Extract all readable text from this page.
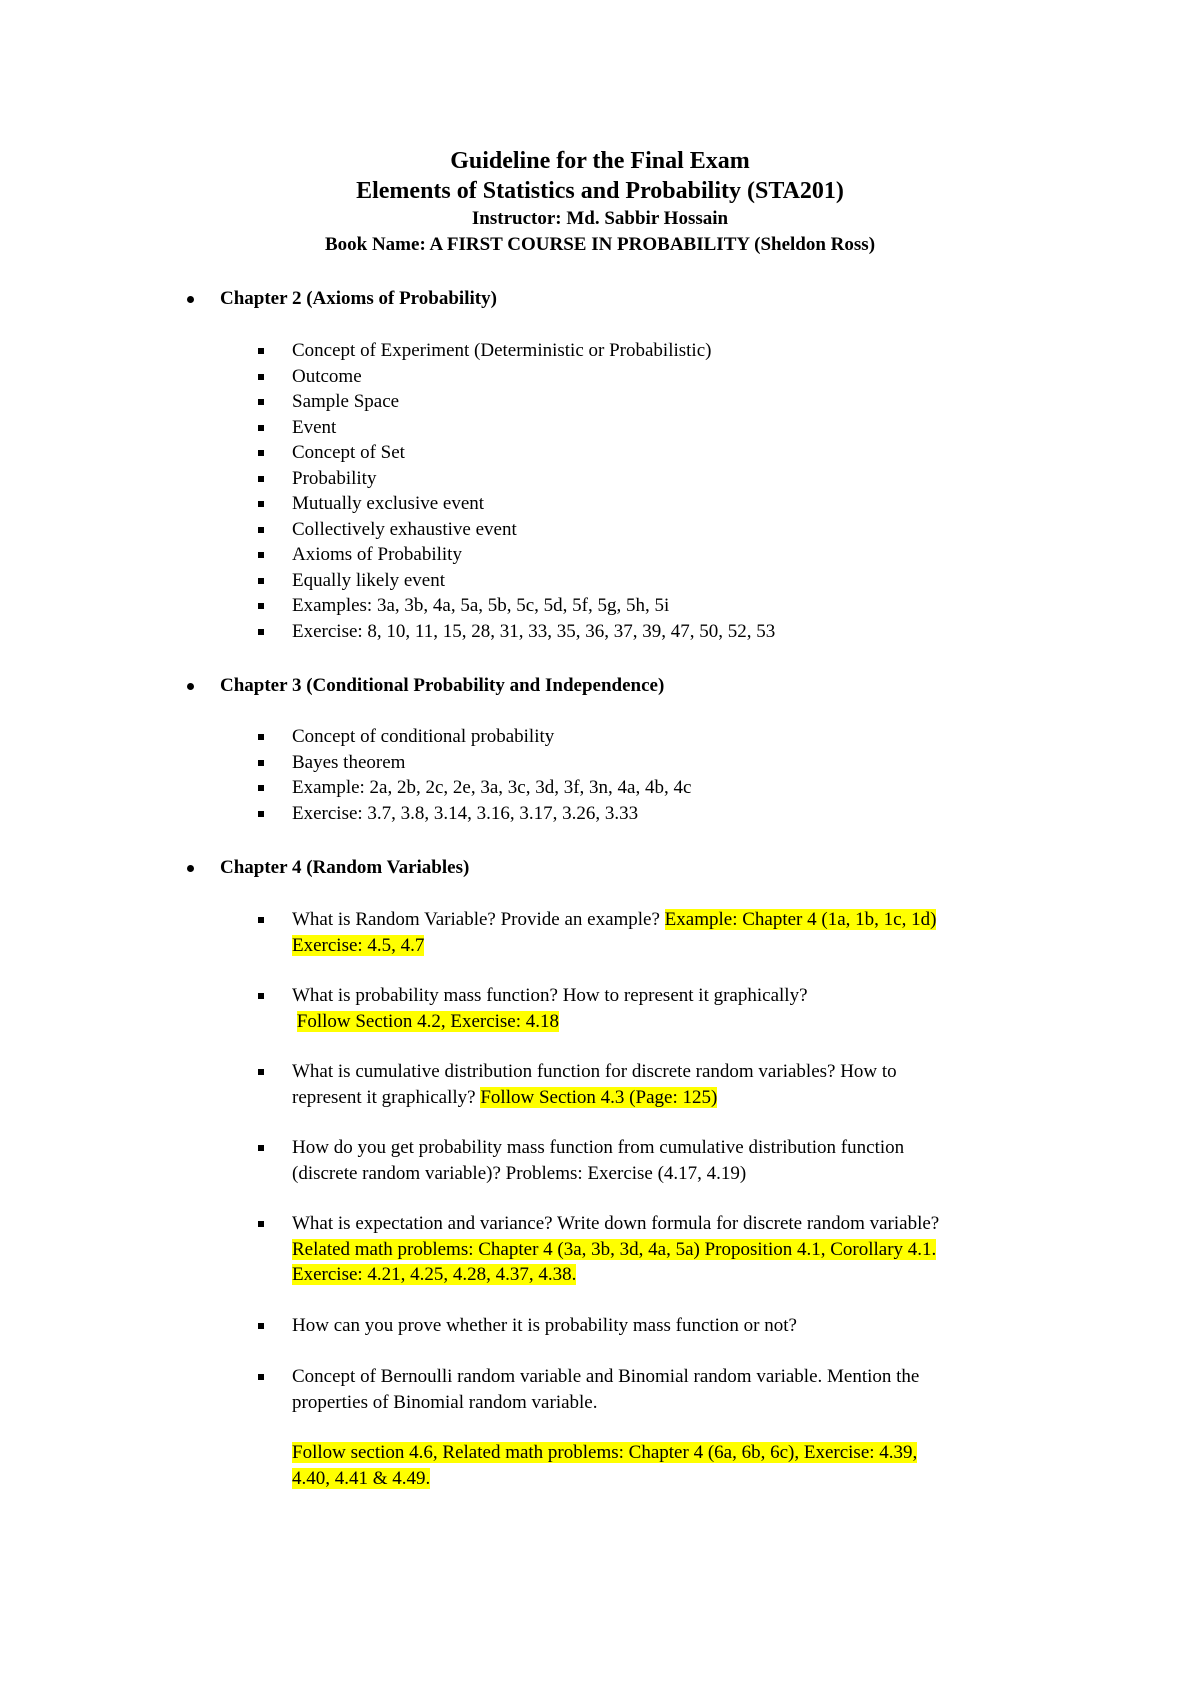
Guideline for the Final Exam
Elements of Statistics and Probability (STA201)
Instructor: Md. Sabbir Hossain
Book Name: A FIRST COURSE IN PROBABILITY (Sheldon Ross)
Chapter 2 (Axioms of Probability)
Concept of Experiment (Deterministic or Probabilistic)
Outcome
Sample Space
Event
Concept of Set
Probability
Mutually exclusive event
Collectively exhaustive event
Axioms of Probability
Equally likely event
Examples: 3a, 3b, 4a, 5a, 5b, 5c, 5d, 5f, 5g, 5h, 5i
Exercise: 8, 10, 11, 15, 28, 31, 33, 35, 36, 37, 39, 47, 50, 52, 53
Chapter 3 (Conditional Probability and Independence)
Concept of conditional probability
Bayes theorem
Example: 2a, 2b, 2c, 2e, 3a, 3c, 3d, 3f, 3n, 4a, 4b, 4c
Exercise: 3.7, 3.8, 3.14, 3.16, 3.17, 3.26, 3.33
Chapter 4 (Random Variables)
What is Random Variable? Provide an example? Example: Chapter 4 (1a, 1b, 1c, 1d)
Exercise: 4.5, 4.7
What is probability mass function? How to represent it graphically?
Follow Section 4.2, Exercise: 4.18
What is cumulative distribution function for discrete random variables? How to
represent it graphically? Follow Section 4.3 (Page: 125)
How do you get probability mass function from cumulative distribution function
(discrete random variable)? Problems: Exercise (4.17, 4.19)
What is expectation and variance? Write down formula for discrete random variable?
Related math problems: Chapter 4 (3a, 3b, 3d, 4a, 5a) Proposition 4.1, Corollary 4.1.
Exercise: 4.21, 4.25, 4.28, 4.37, 4.38.
How can you prove whether it is probability mass function or not?
Concept of Bernoulli random variable and Binomial random variable. Mention the
properties of Binomial random variable.
Follow section 4.6, Related math problems: Chapter 4 (6a, 6b, 6c), Exercise: 4.39,
4.40, 4.41 & 4.49.
